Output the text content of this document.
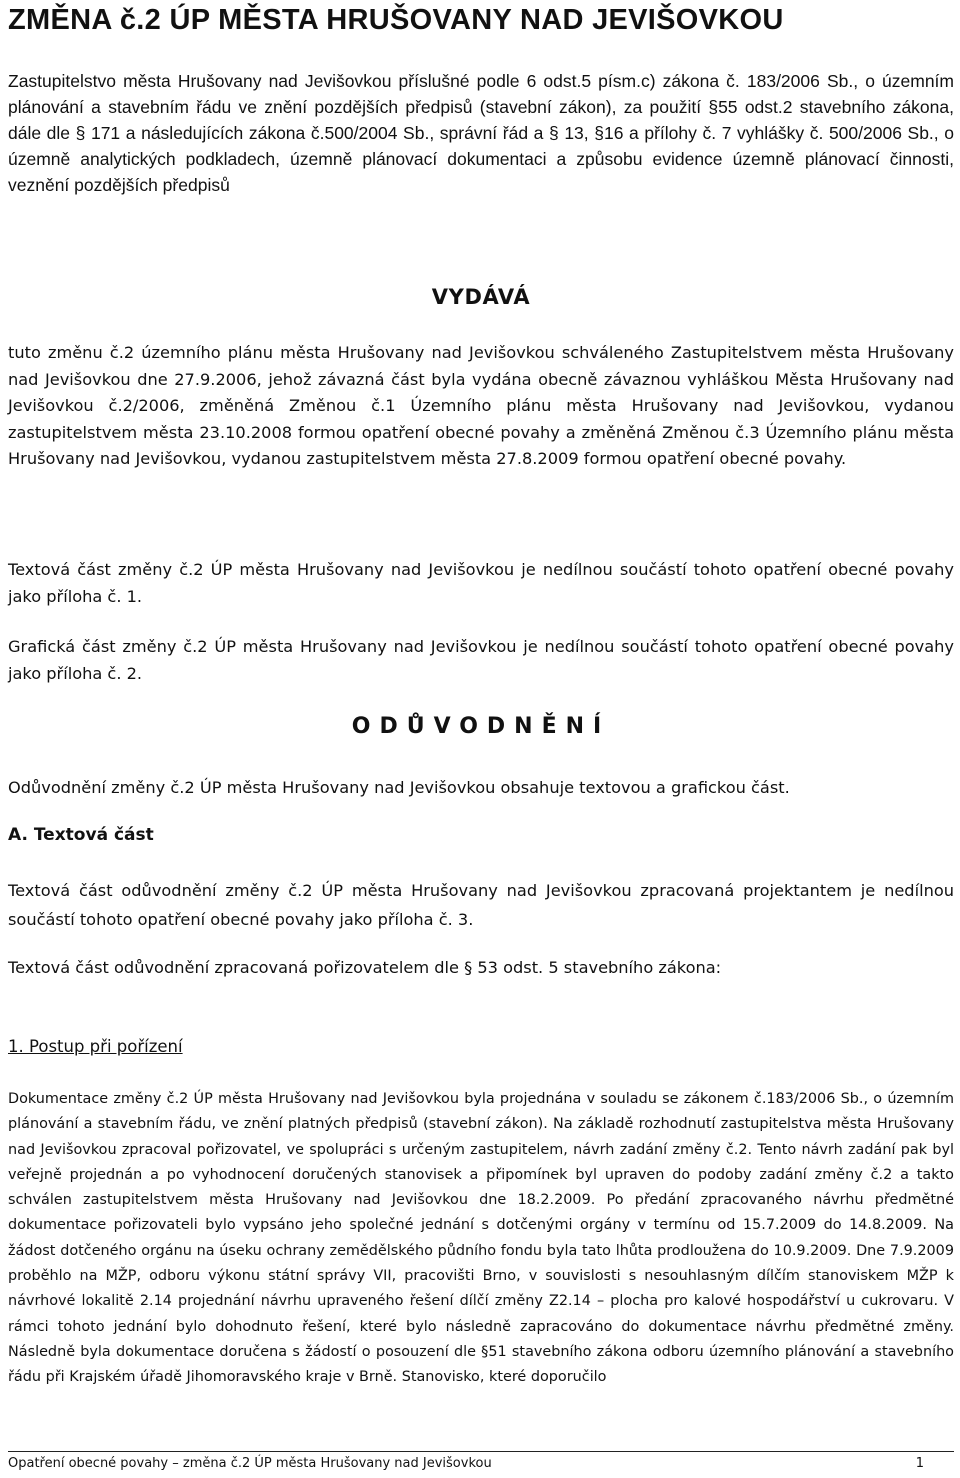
ZMĚNA č.2 ÚP MĚSTA HRUŠOVANY NAD JEVIŠOVKOU

Zastupitelstvo města Hrušovany nad Jevišovkou příslušné podle 6 odst.5 písm.c) zákona č. 183/2006 Sb., o územním plánování a stavebním řádu ve znění pozdějších předpisů (stavební zákon), za použití §55 odst.2 stavebního zákona, dále dle § 171 a následujících zákona č.500/2004 Sb., správní řád a § 13, §16 a přílohy č. 7 vyhlášky č. 500/2006 Sb., o územně analytických podkladech, územně plánovací dokumentaci a způsobu evidence územně plánovací činnosti, veznění pozdějších předpisů

VYDÁVÁ

tuto změnu č.2 územního plánu města Hrušovany nad Jevišovkou schváleného Zastupitelstvem města Hrušovany nad Jevišovkou dne 27.9.2006, jehož závazná část byla vydána obecně závaznou vyhláškou Města Hrušovany nad Jevišovkou č.2/2006, změněná Změnou č.1 Územního plánu města Hrušovany nad Jevišovkou, vydanou zastupitelstvem města 23.10.2008 formou opatření obecné povahy a změněná Změnou č.3 Územního plánu města Hrušovany nad Jevišovkou, vydanou zastupitelstvem města 27.8.2009 formou opatření obecné povahy.

Textová část změny č.2 ÚP města Hrušovany nad Jevišovkou je nedílnou součástí tohoto opatření obecné povahy jako příloha č. 1.

Grafická část změny č.2 ÚP města Hrušovany nad Jevišovkou je nedílnou součástí tohoto opatření obecné povahy jako příloha č. 2.

ODŮVODNĚNÍ

Odůvodnění změny č.2 ÚP města Hrušovany nad Jevišovkou obsahuje textovou a grafickou část.

A. Textová část

Textová část odůvodnění změny č.2 ÚP města Hrušovany nad Jevišovkou zpracovaná projektantem je nedílnou součástí tohoto opatření obecné povahy jako příloha č. 3.

Textová část odůvodnění zpracovaná pořizovatelem dle § 53 odst. 5 stavebního zákona:

1. Postup při pořízení

Dokumentace změny č.2 ÚP města Hrušovany nad Jevišovkou byla projednána v souladu se zákonem č.183/2006 Sb., o územním plánování a stavebním řádu, ve znění platných předpisů (stavební zákon). Na základě rozhodnutí zastupitelstva města Hrušovany nad Jevišovkou zpracoval pořizovatel, ve spolupráci s určeným zastupitelem, návrh zadání změny č.2. Tento návrh zadání pak byl veřejně projednán a po vyhodnocení doručených stanovisek a připomínek byl upraven do podoby zadání změny č.2 a takto schválen zastupitelstvem města Hrušovany nad Jevišovkou dne 18.2.2009. Po předání zpracovaného návrhu předmětné dokumentace pořizovateli bylo vypsáno jeho společné jednání s dotčenými orgány v termínu od 15.7.2009 do 14.8.2009. Na žádost dotčeného orgánu na úseku ochrany zemědělského půdního fondu byla tato lhůta prodloužena do 10.9.2009. Dne 7.9.2009 proběhlo na MŽP, odboru výkonu státní správy VII, pracovišti Brno, v souvislosti s nesouhlasným dílčím stanoviskem MŽP k návrhové lokalitě 2.14 projednání návrhu upraveného řešení dílčí změny Z2.14 – plocha pro kalové hospodářství u cukrovaru. V rámci tohoto jednání bylo dohodnuto řešení, které bylo následně zapracováno do dokumentace návrhu předmětné změny. Následně byla dokumentace doručena s žádostí o posouzení dle §51 stavebního zákona odboru územního plánování a stavebního řádu při Krajském úřadě Jihomoravského kraje v Brně. Stanovisko, které doporučilo

Opatření obecné povahy – změna č.2 ÚP města Hrušovany nad Jevišovkou	1
